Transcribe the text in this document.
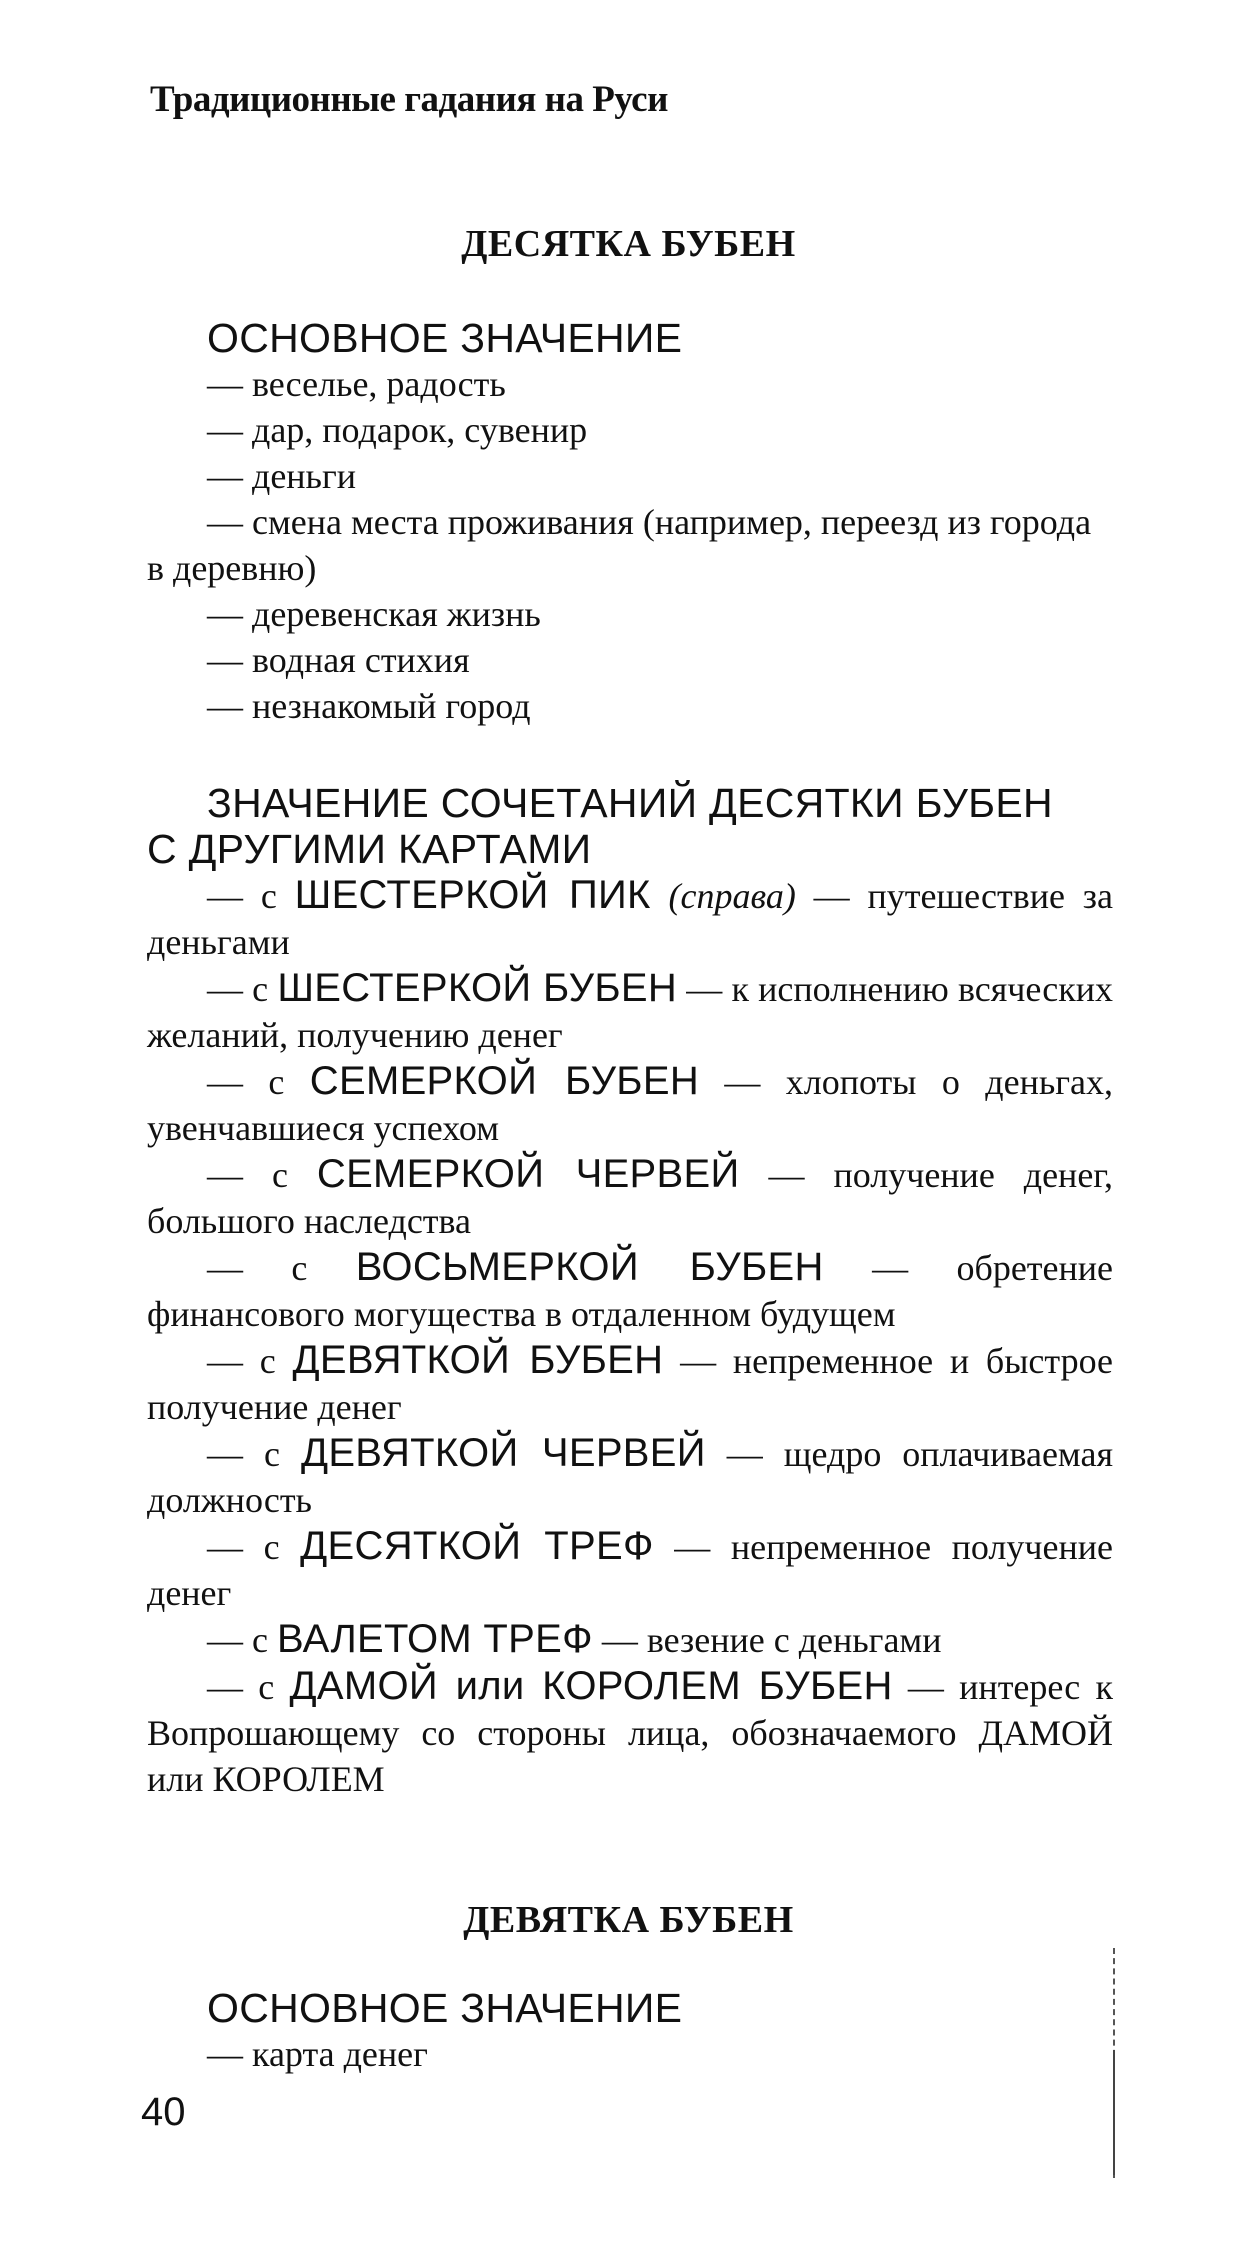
Традиционные гадания на Руси
ДЕСЯТКА БУБЕН
ОСНОВНОЕ ЗНАЧЕНИЕ
— веселье, радость
— дар, подарок, сувенир
— деньги
— смена места проживания (например, переезд из города в деревню)
— деревенская жизнь
— водная стихия
— незнакомый город
ЗНАЧЕНИЕ СОЧЕТАНИЙ ДЕСЯТКИ БУБЕН
С ДРУГИМИ КАРТАМИ
— с ШЕСТЕРКОЙ ПИК (справа) — путешествие за деньгами
— с ШЕСТЕРКОЙ БУБЕН — к исполнению всяческих желаний, получению денег
— с СЕМЕРКОЙ БУБЕН — хлопоты о деньгах, увенчавшиеся успехом
— с СЕМЕРКОЙ ЧЕРВЕЙ — получение денег, большого наследства
— с ВОСЬМЕРКОЙ БУБЕН — обретение финансового могущества в отдаленном будущем
— с ДЕВЯТКОЙ БУБЕН — непременное и быстрое получение денег
— с ДЕВЯТКОЙ ЧЕРВЕЙ — щедро оплачиваемая должность
— с ДЕСЯТКОЙ ТРЕФ — непременное получение денег
— с ВАЛЕТОМ ТРЕФ — везение с деньгами
— с ДАМОЙ или КОРОЛЕМ БУБЕН — интерес к Вопрошающему со стороны лица, обозначаемого ДАМОЙ или КОРОЛЕМ
ДЕВЯТКА БУБЕН
ОСНОВНОЕ ЗНАЧЕНИЕ
— карта денег
40
